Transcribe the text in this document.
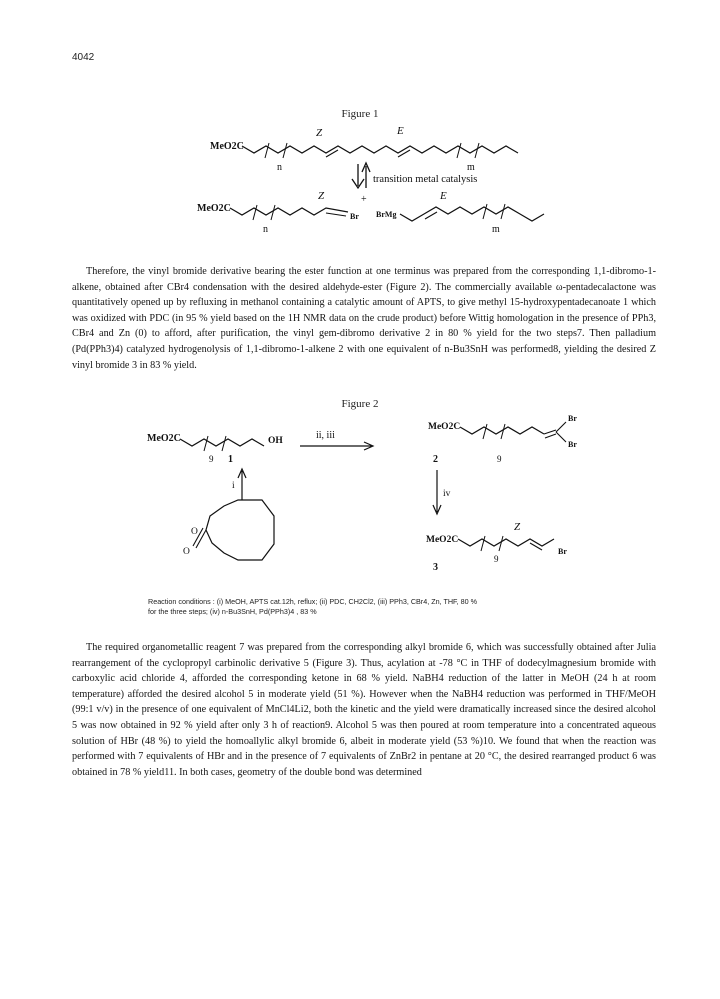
4042
Figure 1
MeO2C
Z	E
n	m
transition metal catalysis
MeO2C
Z	+	E
n
Br BrMg
m

Therefore, the vinyl bromide derivative bearing the ester function at one terminus was prepared from the corresponding 1,1-dibromo-1-alkene, obtained after CBr4 condensation with the desired aldehyde-ester (Figure 2). The commercially available ω-pentadecalactone was quantitatively opened up by refluxing in methanol containing a catalytic amount of APTS, to give methyl 15-hydroxypentadecanoate 1 which was oxidized with PDC (in 95 % yield based on the 1H NMR data on the crude product) before Wittig homologation in the presence of PPh3, CBr4 and Zn (0) to afford, after purification, the vinyl gem-dibromo derivative 2 in 80 % yield for the two steps7. Then palladium (Pd(PPh3)4) catalyzed hydrogenolysis of 1,1-dibromo-1-alkene 2 with one equivalent of n-Bu3SnH was performed8, yielding the desired Z vinyl bromide 3 in 83 % yield.

Figure 2
MeO2C	OH
9 1
ii, iii
MeO2C
Br
Br
2	9
i
O
O
iv
Z
MeO2C
Br
9
3
Reaction conditions : (i) MeOH, APTS cat.12h, reflux; (ii) PDC, CH2Cl2, (iii) PPh3, CBr4, Zn, THF, 80 %
for the three steps; (iv) n-Bu3SnH, Pd(PPh3)4 , 83 %

The required organometallic reagent 7 was prepared from the corresponding alkyl bromide 6, which was successfully obtained after Julia rearrangement of the cyclopropyl carbinolic derivative 5 (Figure 3). Thus, acylation at -78 °C in THF of dodecylmagnesium bromide with carboxylic acid chloride 4, afforded the corresponding ketone in 68 % yield. NaBH4 reduction of the latter in MeOH (24 h at room temperature) afforded the desired alcohol 5 in moderate yield (51 %). However when the NaBH4 reduction was performed in THF/MeOH (99:1 v/v) in the presence of one equivalent of MnCl4Li2, both the kinetic and the yield were dramatically increased since the desired alcohol 5 was now obtained in 92 % yield after only 3 h of reaction9. Alcohol 5 was then poured at room temperature into a concentrated aqueous solution of HBr (48 %) to yield the homoallylic alkyl bromide 6, albeit in moderate yield (53 %)10. We found that when the reaction was performed with 7 equivalents of HBr and in the presence of 7 equivalents of ZnBr2 in pentane at 20 °C, the desired rearranged product 6 was obtained in 78 % yield11. In both cases, geometry of the double bond was determined
